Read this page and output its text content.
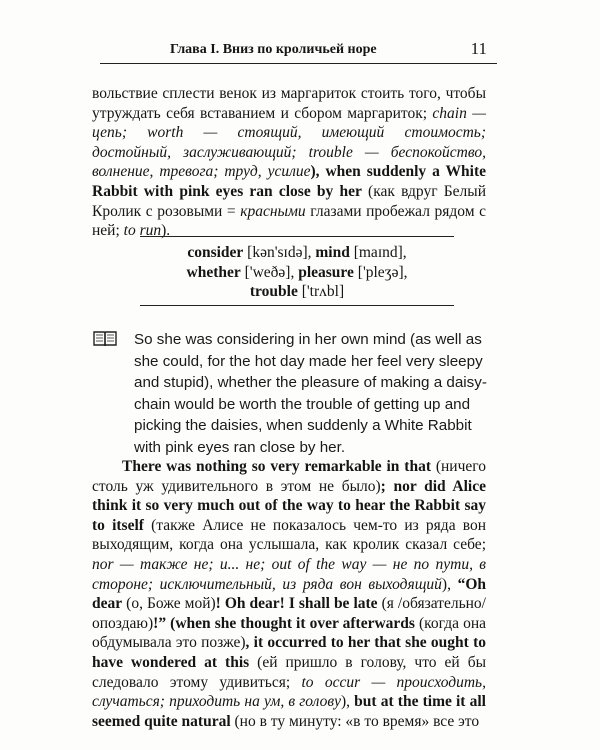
Глава I. Вниз по кроличьей норе	11
вольствие сплести венок из маргариток стоить того, чтобы утруждать себя вставанием и сбором маргариток; chain — цепь; worth — стоящий, имеющий стоимость; достойный, заслуживающий; trouble — беспокойство, волнение, тревога; труд, усилие), when suddenly a White Rabbit with pink eyes ran close by her (как вдруг Белый Кролик с розовыми = красными глазами пробежал рядом с ней; to run).
consider [kən'sɪdə], mind [maɪnd],
whether ['weðə], pleasure ['pleʒə],
trouble ['trʌbl]
So she was considering in her own mind (as well as she could, for the hot day made her feel very sleepy and stupid), whether the pleasure of making a daisy-chain would be worth the trouble of getting up and picking the daisies, when suddenly a White Rabbit with pink eyes ran close by her.
There was nothing so very remarkable in that (ничего столь уж удивительного в этом не было); nor did Alice think it so very much out of the way to hear the Rabbit say to itself (также Алисе не показалось чем-то из ряда вон выходящим, когда она услышала, как кролик сказал себе; nor — также не; и... не; out of the way — не по пути, в стороне; исключительный, из ряда вон выходящий), “Oh dear (о, Боже мой)! Oh dear! I shall be late (я /обязательно/ опоздаю)!” (when she thought it over afterwards (когда она обдумывала это позже), it occurred to her that she ought to have wondered at this (ей пришло в голову, что ей бы следовало этому удивиться; to occur — происходить, случаться; приходить на ум, в голову), but at the time it all seemed quite natural (но в ту минуту: «в то время» все это
